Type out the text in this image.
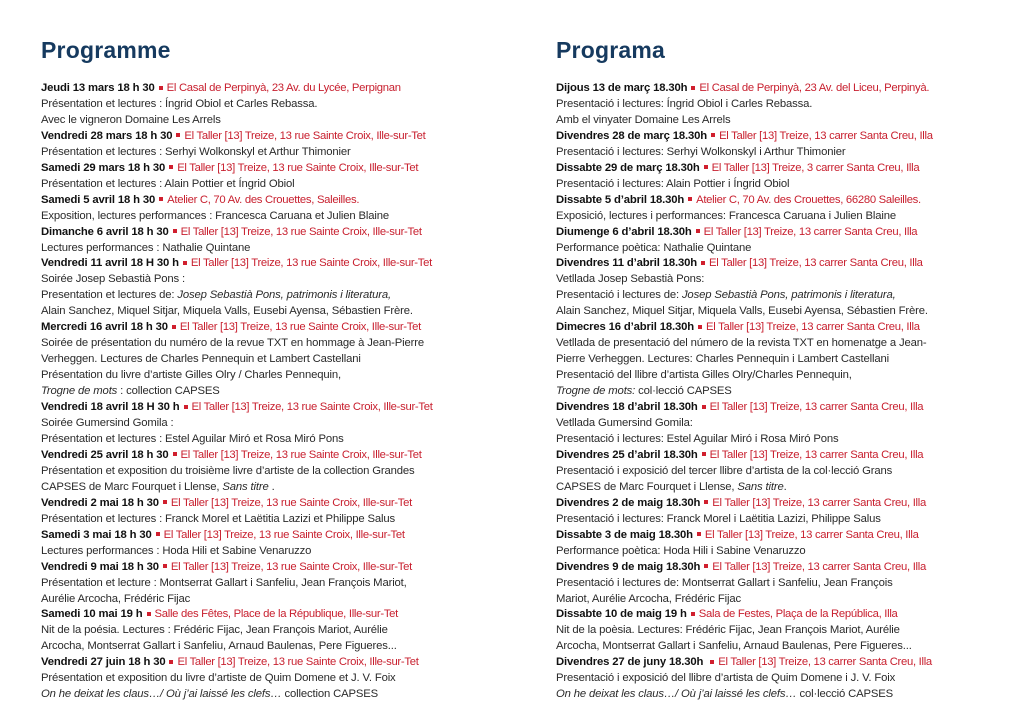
Programme
Jeudi 13 mars 18 h 30 El Casal de Perpinyà, 23 Av. du Lycée, Perpignan
Présentation et lectures : Íngrid Obiol et Carles Rebassa.
Avec le vigneron Domaine Les Arrels
Vendredi 28 mars 18 h 30 El Taller [13] Treize, 13 rue Sainte Croix, Ille-sur-Tet
Présentation et lectures : Serhyi Wolkonskyl et Arthur Thimonier
Samedi 29 mars 18 h 30 El Taller [13] Treize, 13 rue Sainte Croix, Ille-sur-Tet
Présentation et lectures : Alain Pottier et Íngrid Obiol
Samedi 5 avril 18 h 30 Atelier C, 70 Av. des Crouettes, Saleilles.
Exposition, lectures performances : Francesca Caruana et Julien Blaine
Dimanche 6 avril 18 h 30 El Taller [13] Treize, 13 rue Sainte Croix, Ille-sur-Tet
Lectures performances : Nathalie Quintane
Vendredi 11 avril 18 H 30 h El Taller [13] Treize, 13 rue Sainte Croix, Ille-sur-Tet
Soirée Josep Sebastià Pons :
Presentation et lectures de: Josep Sebastià Pons, patrimonis i literatura,
Alain Sanchez, Miquel Sitjar, Miquela Valls, Eusebi Ayensa, Sébastien Frère.
Mercredi 16 avril 18 h 30 El Taller [13] Treize, 13 rue Sainte Croix, Ille-sur-Tet
Soirée de présentation du numéro de la revue TXT en hommage à Jean-Pierre
Verheggen. Lectures de Charles Pennequin et Lambert Castellani
Présentation du livre d’artiste Gilles Olry / Charles Pennequin,
Trogne de mots : collection CAPSES
Vendredi 18 avril 18 H 30 h El Taller [13] Treize, 13 rue Sainte Croix, Ille-sur-Tet
Soirée Gumersind Gomila :
Présentation et lectures : Estel Aguilar Miró et Rosa Miró Pons
Vendredi 25 avril 18 h 30 El Taller [13] Treize, 13 rue Sainte Croix, Ille-sur-Tet
Présentation et exposition du troisième livre d’artiste de la collection Grandes
CAPSES de Marc Fourquet i Llense, Sans titre .
Vendredi 2 mai 18 h 30 El Taller [13] Treize, 13 rue Sainte Croix, Ille-sur-Tet
Présentation et lectures : Franck Morel et Laëtitia Lazizi et Philippe Salus
Samedi 3 mai 18 h 30 El Taller [13] Treize, 13 rue Sainte Croix, Ille-sur-Tet
Lectures performances : Hoda Hili et Sabine Venaruzzo
Vendredi 9 mai 18 h 30 El Taller [13] Treize, 13 rue Sainte Croix, Ille-sur-Tet
Présentation et lecture : Montserrat Gallart i Sanfeliu, Jean François Mariot,
Aurélie Arcocha, Frédéric Fijac
Samedi 10 mai 19 h Salle des Fêtes, Place de la République, Ille-sur-Tet
Nit de la poésia. Lectures : Frédéric Fijac, Jean François Mariot, Aurélie
Arcocha, Montserrat Gallart i Sanfeliu, Arnaud Baulenas, Pere Figueres...
Vendredi 27 juin 18 h 30 El Taller [13] Treize, 13 rue Sainte Croix, Ille-sur-Tet
Présentation et exposition du livre d’artiste de Quim Domene et J. V. Foix
On he deixat les claus…/ Où j’ai laissé les clefs… collection CAPSES
Programa
Dijous 13 de març 18.30h El Casal de Perpinyà, 23 Av. del Liceu, Perpinyà.
Presentació i lectures: Íngrid Obiol i Carles Rebassa.
Amb el vinyater Domaine Les Arrels
Divendres 28 de març 18.30h El Taller [13] Treize, 13 carrer Santa Creu, Illa
Presentació i lectures: Serhyi Wolkonskyl i Arthur Thimonier
Dissabte 29 de març 18.30h El Taller [13] Treize, 3 carrer Santa Creu, Illa
Presentació i lectures: Alain Pottier i Íngrid Obiol
Dissabte 5 d’abril 18.30h Atelier C, 70 Av. des Crouettes, 66280 Saleilles.
Exposició, lectures i performances: Francesca Caruana i Julien Blaine
Diumenge 6 d’abril 18.30h El Taller [13] Treize, 13 carrer Santa Creu, Illa
Performance poètica: Nathalie Quintane
Divendres 11 d’abril 18.30h El Taller [13] Treize, 13 carrer Santa Creu, Illa
Vetllada Josep Sebastià Pons:
Presentació i lectures de: Josep Sebastià Pons, patrimonis i literatura,
Alain Sanchez, Miquel Sitjar, Miquela Valls, Eusebi Ayensa, Sébastien Frère.
Dimecres 16 d’abril 18.30h El Taller [13] Treize, 13 carrer Santa Creu, Illa
Vetllada de presentació del número de la revista TXT en homenatge a Jean-
Pierre Verheggen. Lectures: Charles Pennequin i Lambert Castellani
Presentació del llibre d’artista Gilles Olry/Charles Pennequin,
Trogne de mots: col·lecció CAPSES
Divendres 18 d’abril 18.30h El Taller [13] Treize, 13 carrer Santa Creu, Illa
Vetllada Gumersind Gomila:
Presentació i lectures: Estel Aguilar Miró i Rosa Miró Pons
Divendres 25 d’abril 18.30h El Taller [13] Treize, 13 carrer Santa Creu, Illa
Presentació i exposició del tercer llibre d’artista de la col·lecció Grans
CAPSES de Marc Fourquet i Llense, Sans titre.
Divendres 2 de maig 18.30h El Taller [13] Treize, 13 carrer Santa Creu, Illa
Presentació i lectures: Franck Morel i Laëtitia Lazizi, Philippe Salus
Dissabte 3 de maig 18.30h El Taller [13] Treize, 13 carrer Santa Creu, Illa
Performance poètica: Hoda Hili i Sabine Venaruzzo
Divendres 9 de maig 18.30h El Taller [13] Treize, 13 carrer Santa Creu, Illa
Presentació i lectures de: Montserrat Gallart i Sanfeliu, Jean François
Mariot, Aurélie Arcocha, Frédéric Fijac
Dissabte 10 de maig 19 h Sala de Festes, Plaça de la República, Illa
Nit de la poèsia. Lectures: Frédéric Fijac, Jean François Mariot, Aurélie
Arcocha, Montserrat Gallart i Sanfeliu, Arnaud Baulenas, Pere Figueres...
Divendres 27 de juny 18.30h El Taller [13] Treize, 13 carrer Santa Creu, Illa
Presentació i exposició del llibre d’artista de Quim Domene i J. V. Foix
On he deixat les claus…/ Où j’ai laissé les clefs… col·lecció CAPSES
